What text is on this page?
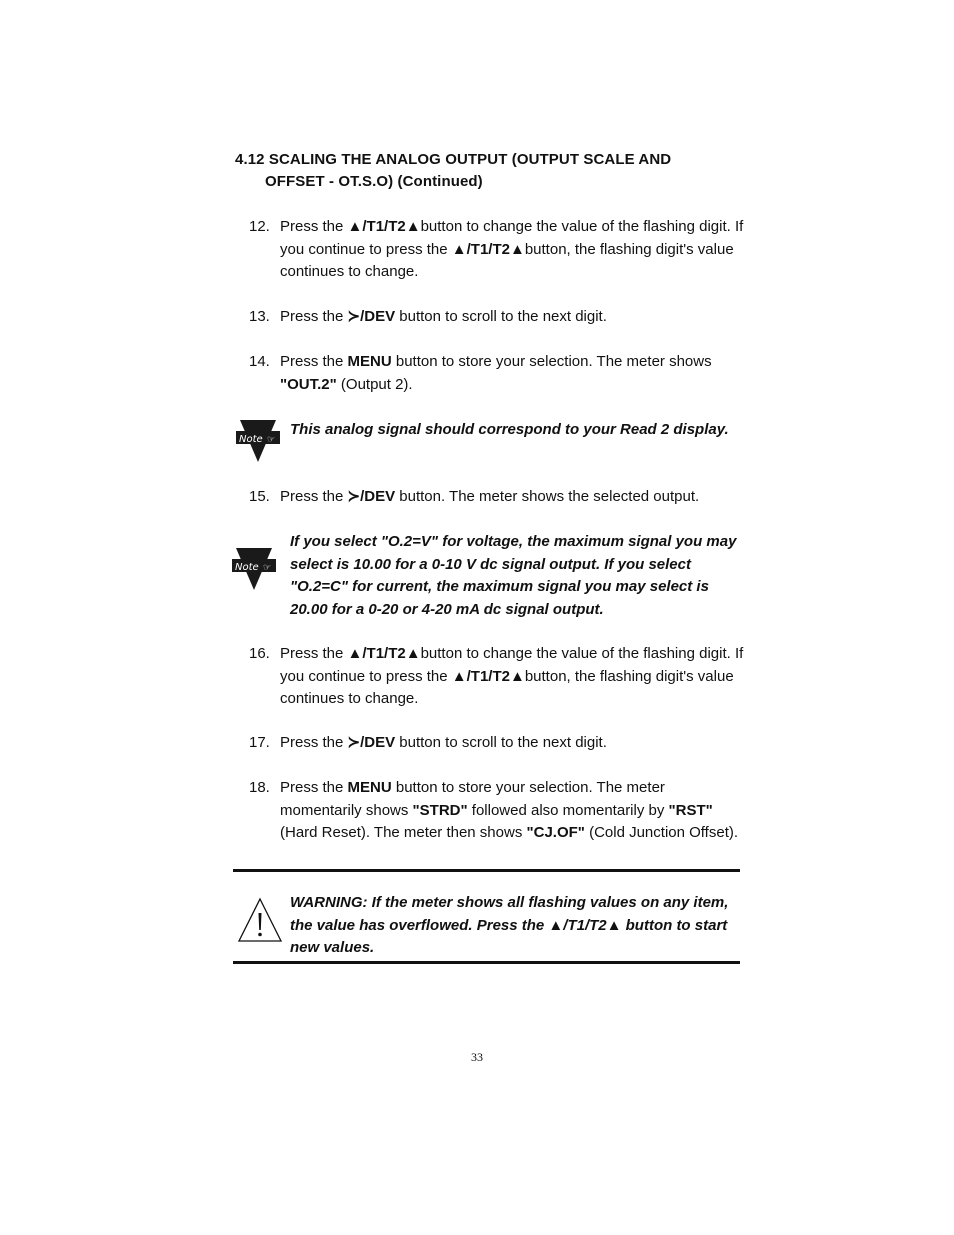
4.12 SCALING THE ANALOG OUTPUT (OUTPUT SCALE AND
OFFSET - OT.S.O) (Continued)
12. Press the ▲/T1/T2▲button to change the value of the flashing digit. If you continue to press the ▲/T1/T2▲button, the flashing digit's value continues to change.
13. Press the ≻/DEV button to scroll to the next digit.
14. Press the MENU button to store your selection. The meter shows "OUT.2" (Output 2).
Note ☞
This analog signal should correspond to your Read 2 display.
15. Press the ≻/DEV button. The meter shows the selected output.
Note ☞
If you select "O.2=V" for voltage, the maximum signal you may select is 10.00 for a 0-10 V dc signal output. If you select "O.2=C" for current, the maximum signal you may select is 20.00 for a 0-20 or 4-20 mA dc signal output.
16. Press the ▲/T1/T2▲button to change the value of the flashing digit. If you continue to press the ▲/T1/T2▲button, the flashing digit's value continues to change.
17. Press the ≻/DEV button to scroll to the next digit.
18. Press the MENU button to store your selection. The meter momentarily shows "STRD" followed also momentarily by "RST" (Hard Reset). The meter then shows "CJ.OF" (Cold Junction Offset).
WARNING: If the meter shows all flashing values on any item, the value has overflowed. Press the ▲/T1/T2▲ button to start new values.
33
